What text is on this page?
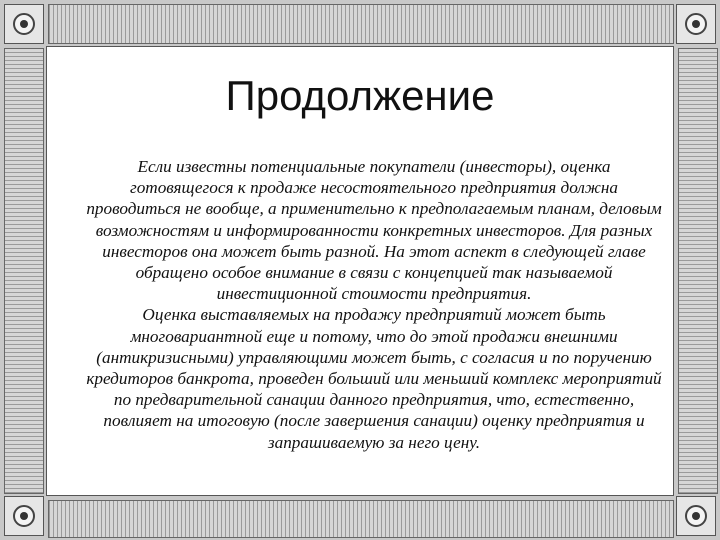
Продолжение

Если известны потенциальные покупатели (инвесторы), оценка готовящегося к продаже несостоятельного предприятия должна проводиться не вообще, а применительно к предполагаемым планам, деловым возможностям и информированности конкретных инвесторов. Для разных инвесторов она может быть разной. На этот аспект в следующей главе обращено особое внимание в связи с концепцией так называемой инвестиционной стоимости предприятия.

Оценка выставляемых на продажу предприятий может быть многовариантной еще и потому, что до этой продажи внешними (антикризисными) управляющими может быть, с согласия и по поручению кредиторов банкрота, проведен больший или меньший комплекс мероприятий по предварительной санации данного предприятия, что, естественно, повлияет на итоговую (после завершения санации) оценку предприятия и запрашиваемую за него цену.
